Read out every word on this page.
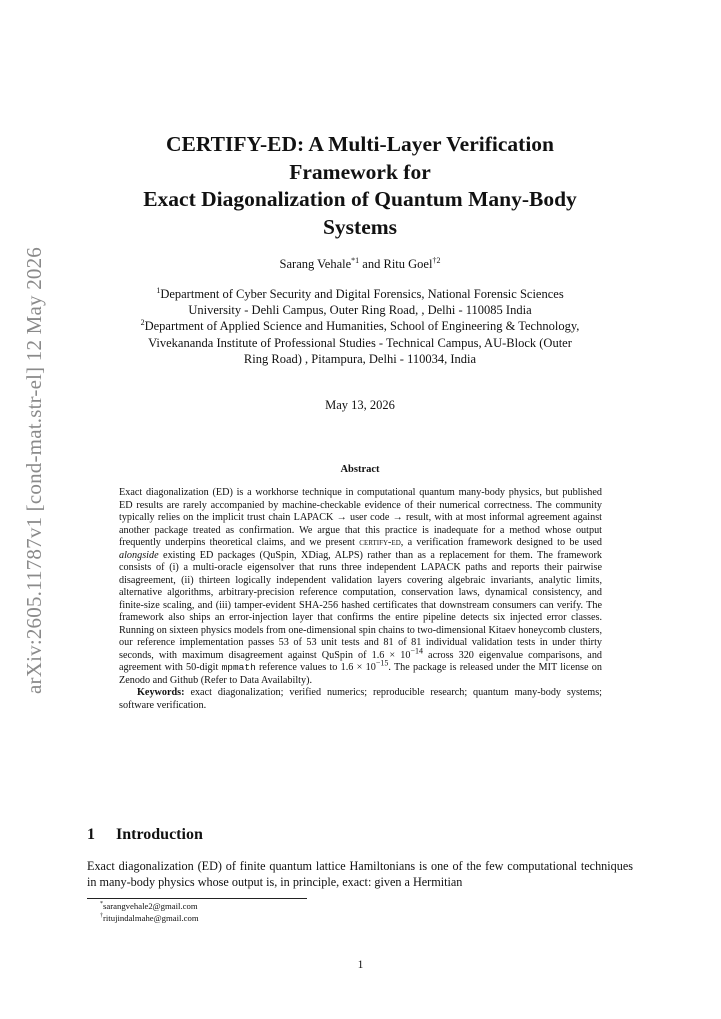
arXiv:2605.11787v1 [cond-mat.str-el] 12 May 2026
CERTIFY-ED: A Multi-Layer Verification
Framework for
Exact Diagonalization of Quantum Many-Body
Systems
Sarang Vehale$^{*1}$ and Ritu Goel$^{\dagger 2}$
$^1$Department of Cyber Security and Digital Forensics, National Forensic Sciences
University - Dehli Campus, Outer Ring Road, , Delhi - 110085 India
$^2$Department of Applied Science and Humanities, School of Engineering & Technology,
Vivekananda Institute of Professional Studies - Technical Campus, AU-Block (Outer
Ring Road) , Pitampura, Delhi - 110034, India
May 13, 2026
Abstract

Exact diagonalization (ED) is a workhorse technique in computational quantum many-body physics, but published ED results are rarely accompanied by machine-checkable evidence of their numerical correctness. The community typically relies on the implicit trust chain LAPACK → user code → result, with at most informal agreement against another package treated as confirmation. We argue that this practice is inadequate for a method whose output frequently underpins theoretical claims, and we present certify-ed, a verification framework designed to be used alongside existing ED packages (QuSpin, XDiag, ALPS) rather than as a replacement for them. The framework consists of (i) a multi-oracle eigensolver that runs three independent LAPACK paths and reports their pairwise disagreement, (ii) thirteen logically independent validation layers covering algebraic invariants, analytic limits, alternative algorithms, arbitrary-precision reference computation, conservation laws, dynamical consistency, and finite-size scaling, and (iii) tamper-evident SHA-256 hashed certificates that downstream consumers can verify. The framework also ships an error-injection layer that confirms the entire pipeline detects six injected error classes. Running on sixteen physics models from one-dimensional spin chains to two-dimensional Kitaev honeycomb clusters, our reference implementation passes 53 of 53 unit tests and 81 of 81 individual validation tests in under thirty seconds, with maximum disagreement against QuSpin of $1.6 \times 10^{-14}$ across 320 eigenvalue comparisons, and agreement with 50-digit mpmath reference values to $1.6 \times 10^{-15}$. The package is released under the MIT license on Zenodo and Github (Refer to Data Availabilty).

Keywords: exact diagonalization; verified numerics; reproducible research; quantum many-body systems; software verification.

1 Introduction
Exact diagonalization (ED) of finite quantum lattice Hamiltonians is one of the few computational techniques in many-body physics whose output is, in principle, exact: given a Hermitian
*sarangvehale2@gmail.com
†ritujindalmahe@gmail.com
1
